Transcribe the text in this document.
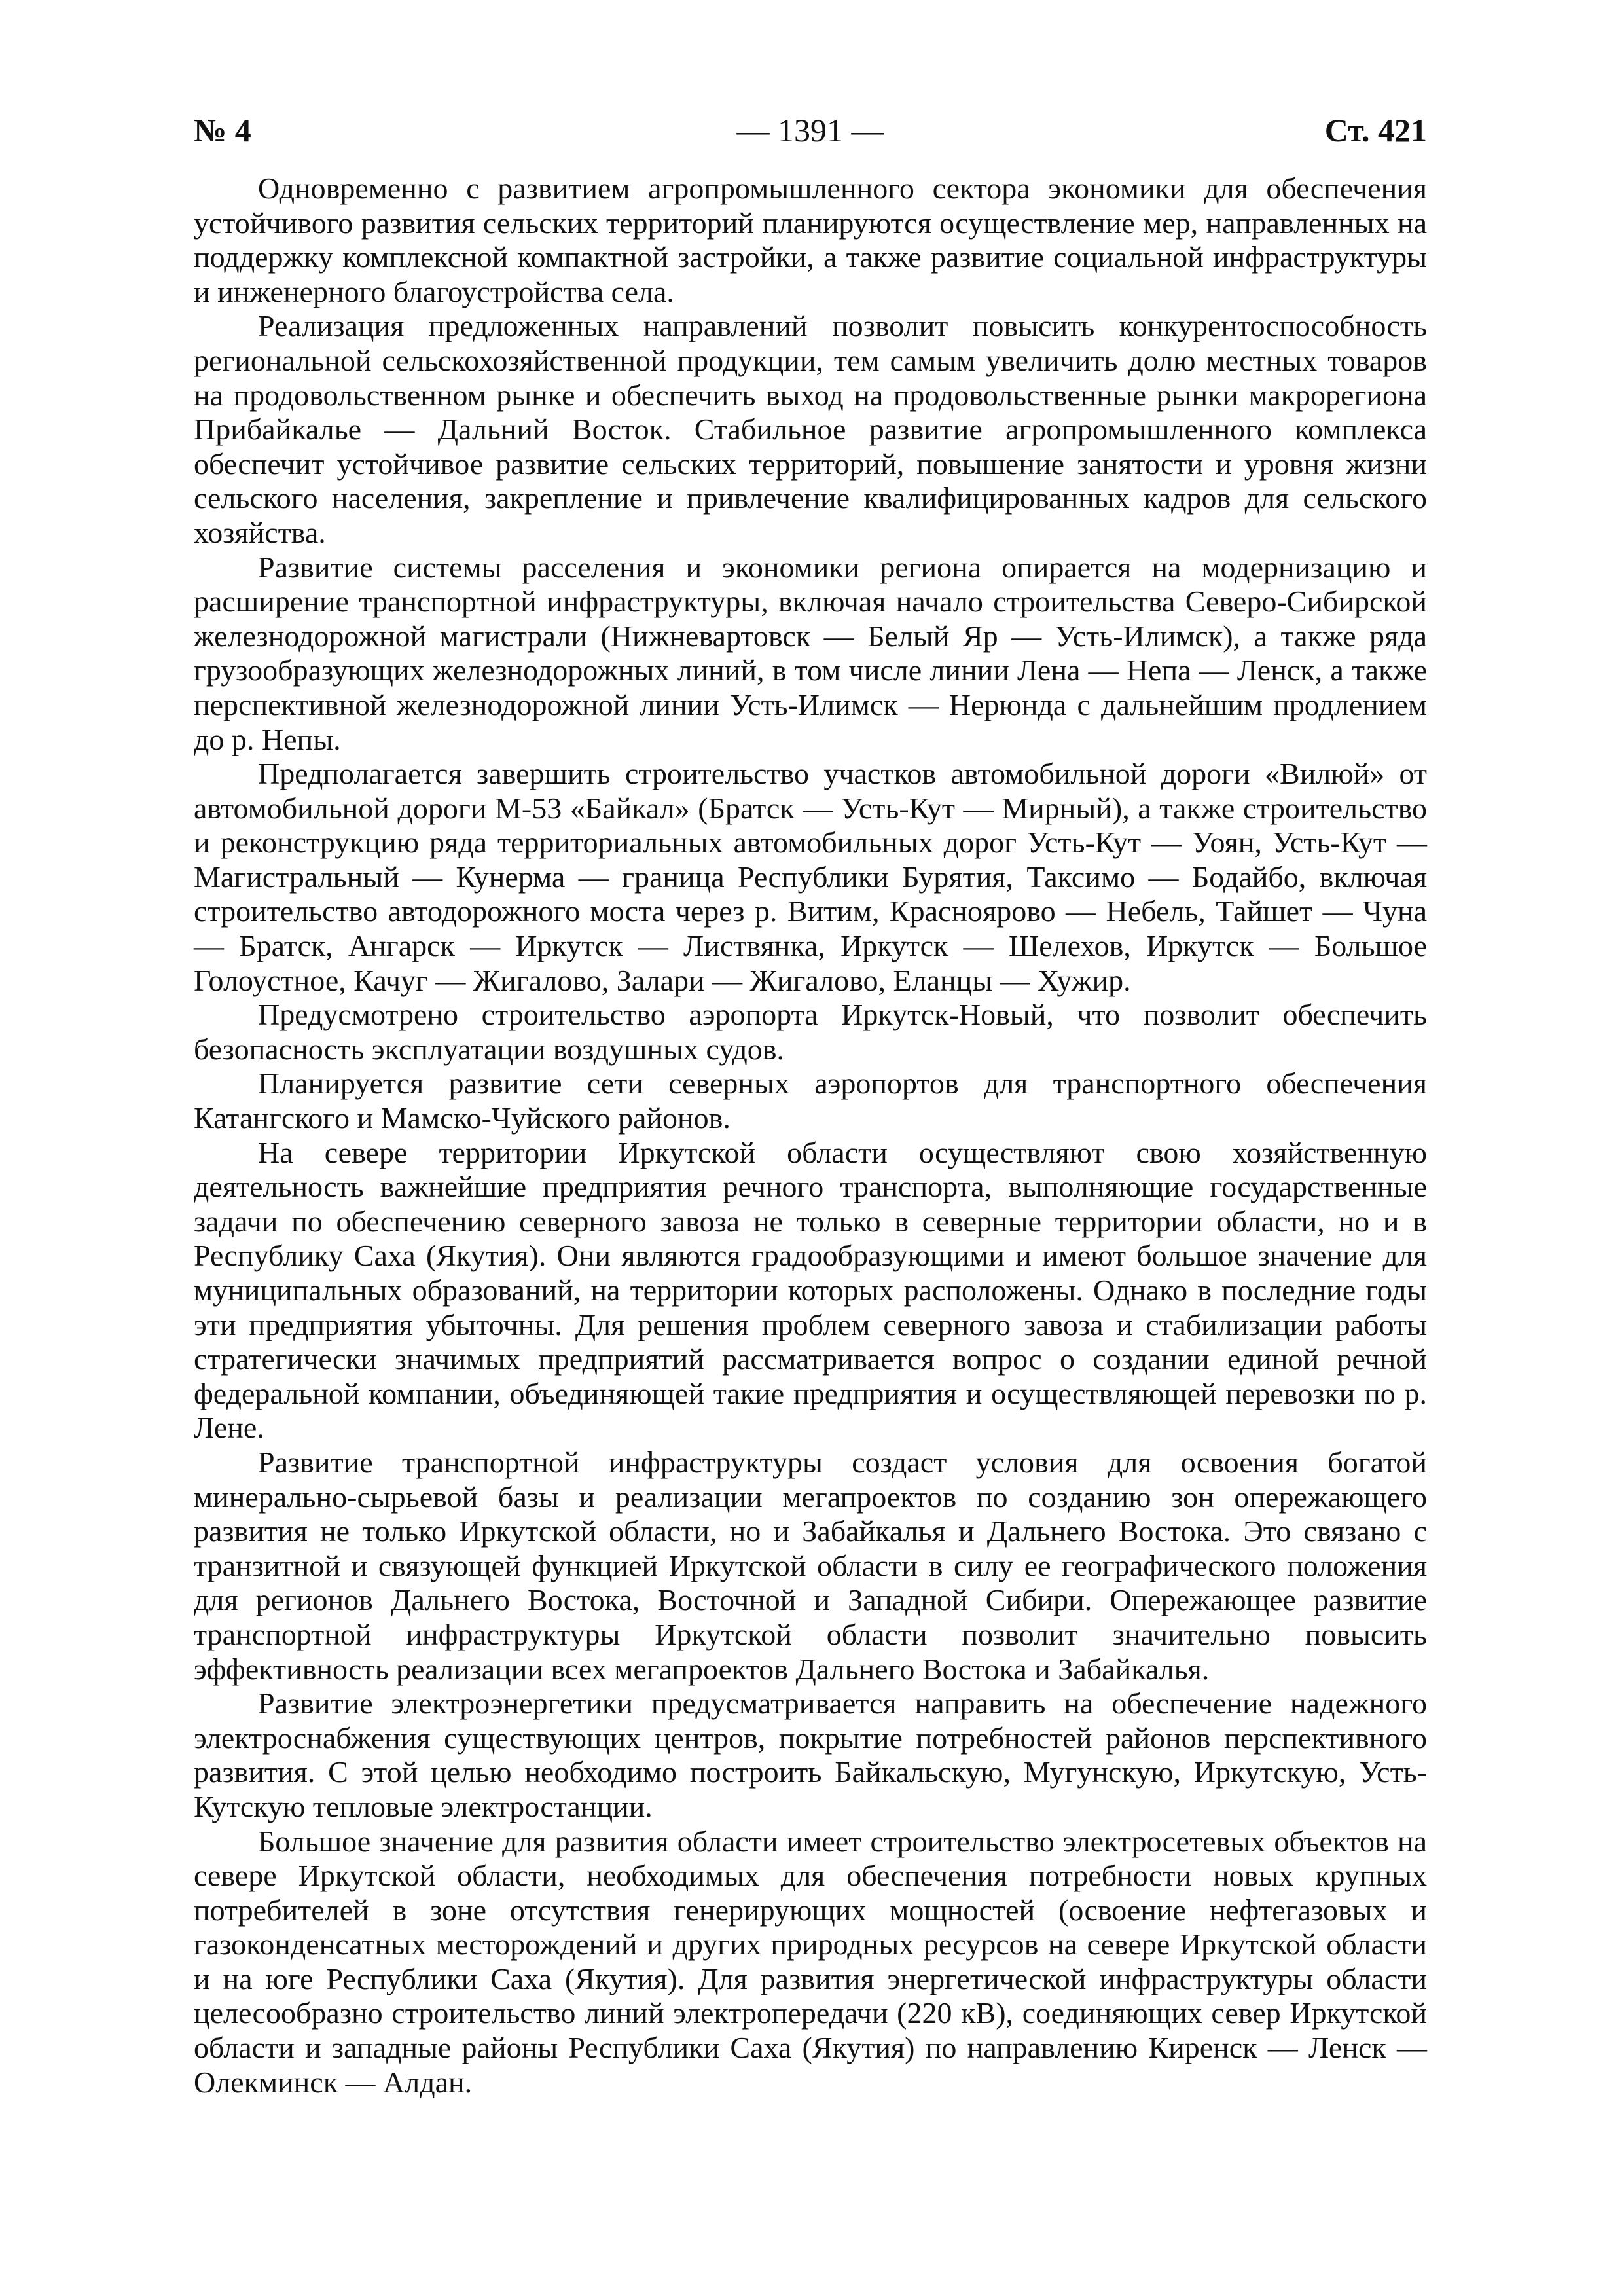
№ 4	— 1391 —	Ст. 421

Одновременно с развитием агропромышленного сектора экономики для обеспечения устойчивого развития сельских территорий планируются осуществление мер, направленных на поддержку комплексной компактной застройки, а также развитие социальной инфраструктуры и инженерного благоустройства села.

Реализация предложенных направлений позволит повысить конкурентоспособность региональной сельскохозяйственной продукции, тем самым увеличить долю местных товаров на продовольственном рынке и обеспечить выход на продовольственные рынки макрорегиона Прибайкалье — Дальний Восток. Стабильное развитие агропромышленного комплекса обеспечит устойчивое развитие сельских территорий, повышение занятости и уровня жизни сельского населения, закрепление и привлечение квалифицированных кадров для сельского хозяйства.

Развитие системы расселения и экономики региона опирается на модернизацию и расширение транспортной инфраструктуры, включая начало строительства Северо-Сибирской железнодорожной магистрали (Нижневартовск — Белый Яр — Усть-Илимск), а также ряда грузообразующих железнодорожных линий, в том числе линии Лена — Непа — Ленск, а также перспективной железнодорожной линии Усть-Илимск — Нерюнда с дальнейшим продлением до р. Непы.

Предполагается завершить строительство участков автомобильной дороги «Вилюй» от автомобильной дороги М-53 «Байкал» (Братск — Усть-Кут — Мирный), а также строительство и реконструкцию ряда территориальных автомобильных дорог Усть-Кут — Уоян, Усть-Кут — Магистральный — Кунерма — граница Республики Бурятия, Таксимо — Бодайбо, включая строительство автодорожного моста через р. Витим, Краснoярово — Небель, Тайшет — Чуна — Братск, Ангарск — Иркутск — Листвянка, Иркутск — Шелехов, Иркутск — Большое Голоустное, Качуг — Жигалово, Залари — Жигалово, Еланцы — Хужир.

Предусмотрено строительство аэропорта Иркутск-Новый, что позволит обеспечить безопасность эксплуатации воздушных судов.

Планируется развитие сети северных аэропортов для транспортного обеспечения Катангского и Мамско-Чуйского районов.

На севере территории Иркутской области осуществляют свою хозяйственную деятельность важнейшие предприятия речного транспорта, выполняющие государственные задачи по обеспечению северного завоза не только в северные территории области, но и в Республику Саха (Якутия). Они являются градообразующими и имеют большое значение для муниципальных образований, на территории которых расположены. Однако в последние годы эти предприятия убыточны. Для решения проблем северного завоза и стабилизации работы стратегически значимых предприятий рассматривается вопрос о создании единой речной федеральной компании, объединяющей такие предприятия и осуществляющей перевозки по р. Лене.

Развитие транспортной инфраструктуры создаст условия для освоения богатой минерально-сырьевой базы и реализации мегапроектов по созданию зон опережающего развития не только Иркутской области, но и Забайкалья и Дальнего Востока. Это связано с транзитной и связующей функцией Иркутской области в силу ее географического положения для регионов Дальнего Востока, Восточной и Западной Сибири. Опережающее развитие транспортной инфраструктуры Иркутской области позволит значительно повысить эффективность реализации всех мегапроектов Дальнего Востока и Забайкалья.

Развитие электроэнергетики предусматривается направить на обеспечение надежного электроснабжения существующих центров, покрытие потребностей районов перспективного развития. С этой целью необходимо построить Байкальскую, Мугунскую, Иркутскую, Усть-Кутскую тепловые электростанции.

Большое значение для развития области имеет строительство электросетевых объектов на севере Иркутской области, необходимых для обеспечения потребности новых крупных потребителей в зоне отсутствия генерирующих мощностей (освоение нефтегазовых и газоконденсатных месторождений и других природных ресурсов на севере Иркутской области и на юге Республики Саха (Якутия). Для развития энергетической инфраструктуры области целесообразно строительство линий электропередачи (220 кВ), соединяющих север Иркутской области и западные районы Республики Саха (Якутия) по направлению Киренск — Ленск — Олекминск — Алдан.
